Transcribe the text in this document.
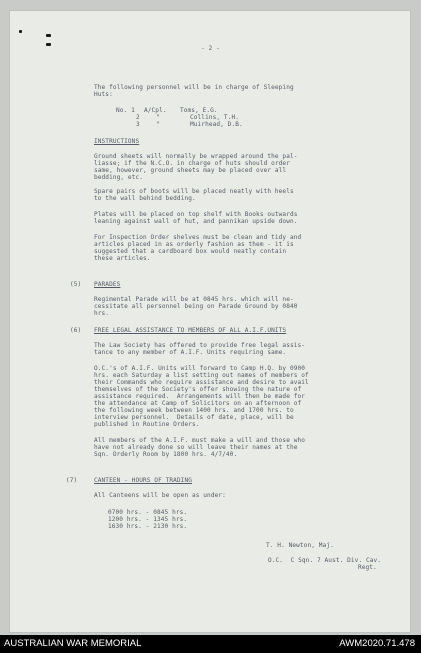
- 2 -
The following personnel will be in charge of Sleeping
Huts:
No. 1 A/Cpl. Toms, E.G.
2	"	Collins, T.H.
3	"	Muirhead, D.B.
INSTRUCTIONS
Ground sheets will normally be wrapped around the pal-
liasse; if the N.C.O. in charge of huts should order
same, however, ground sheets may be placed over all
bedding, etc.
Spare pairs of boots will be placed neatly with heels
to the wall behind bedding.
Plates will be placed on top shelf with Books outwards
leaning against wall of hut, and pannikan upside down.
For Inspection Order shelves must be clean and tidy and
articles placed in as orderly fashion as them - it is
suggested that a cardboard box would neatly contain
these articles.
(5) PARADES
Regimental Parade will be at 0845 hrs. which will ne-
cessitate all personnel being on Parade Ground by 0840
hrs.
(6) FREE LEGAL ASSISTANCE TO MEMBERS OF ALL A.I.F.UNITS
The Law Society has offered to provide free legal assis-
tance to any member of A.I.F. Units requiring same.
O.C.'s of A.I.F. Units will forward to Camp H.Q. by 0900
hrs. each Saturday a list setting out names of members of
their Commands who require assistance and desire to avail
themselves of the Society's offer showing the nature of
assistance required.  Arrangements will then be made for
the attendance at Camp of Solicitors on an afternoon of
the following week between 1400 hrs. and 1700 hrs. to
interview personnel.  Details of date, place, will be
published in Routine Orders.
All members of the A.I.F. must make a will and those who
have not already done so will leave their names at the
Sqn. Orderly Room by 1800 hrs. 4/7/40.
(7)	CANTEEN - HOURS OF TRADING
All Canteens will be open as under:
0700 hrs. - 0845 hrs.
1200 hrs. - 1345 hrs.
1630 hrs. - 2130 hrs.
T. H. Newton, Maj.
O.C.  C Sqn. 7 Aust. Div. Cav.
Regt.
AUSTRALIAN WAR MEMORIAL	AWM2020.71.478
